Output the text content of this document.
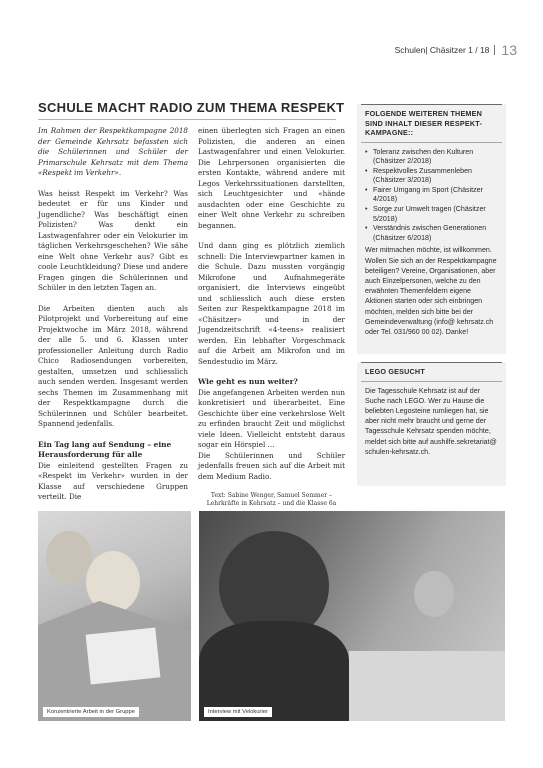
Schulen| Chäsitzer 1 / 18 13
SCHULE MACHT RADIO ZUM THEMA RESPEKT

Im Rahmen der Respektkampagne 2018 der Gemeinde Kehrsatz befassten sich die Schülerinnen und Schüler der Primarschule Kehrsatz mit dem Thema «Respekt im Verkehr».

Was heisst Respekt im Verkehr? Was bedeutet er für uns Kinder und Jugendliche? Was beschäftigt einen Polizisten? Was denkt ein Lastwagenfahrer oder ein Velokurier im täglichen Verkehrsgeschehen? Wie sähe eine Welt ohne Verkehr aus? Gibt es coole Leuchtkleidung? Diese und andere Fragen gingen die Schülerinnen und Schüler in den letzten Tagen an.

Die Arbeiten dienten auch als Pilotprojekt und Vorbereitung auf eine Projektwoche im März 2018, während der alle 5. und 6. Klassen unter professioneller Anleitung durch Radio Chico Radiosendungen vorbereiten, gestalten, umsetzen und schliesslich auch senden werden. Insgesamt werden sechs Themen im Zusammenhang mit der Respektkampagne durch die Schülerinnen und Schüler bearbeitet. Spannend jedenfalls.

Ein Tag lang auf Sendung – eine Herausforderung für alle

Die einleitend gestellten Fragen zu «Respekt im Verkehr» wurden in der Klasse auf verschiedene Gruppen verteilt. Die

einen überlegten sich Fragen an einen Polizisten, die anderen an einen Lastwagenfahrer und einen Velokurier. Die Lehrpersonen organisierten die ersten Kontakte, während andere mit Legos Verkehrssituationen darstellten, sich Leuchtgesichter und «hände ausdachten oder eine Geschichte zu einer Welt ohne Verkehr zu schreiben begannen.

Und dann ging es plötzlich ziemlich schnell: Die Interviewpartner kamen in die Schule. Dazu mussten vorgängig Mikrofone und Aufnahmegeräte organisiert, die Interviews eingeübt und schliesslich auch diese ersten Seiten zur Respektkampagne 2018 im «Chäsitzer» und in der Jugendzeitschrift «4-teens» realisiert werden. Ein lebhafter Vorgeschmack auf die Arbeit am Mikrofon und im Sendestudio im März.

Wie geht es nun weiter?

Die angefangenen Arbeiten werden nun konkretisiert und überarbeitet. Eine Geschichte über eine verkehrslose Welt zu erfinden braucht Zeit und möglichst viele Ideen. Vielleicht entsteht daraus sogar ein Hörspiel ...

Die Schülerinnen und Schüler jedenfalls freuen sich auf die Arbeit mit dem Medium Radio.

Text: Sabine Wenger, Samuel Sommer – Lehrkräfte in Kehrsatz – und die Klasse 6a
FOLGENDE WEITEREN THEMEN SIND INHALT DIESER RESPEKT-KAMPAGNE::
• Toleranz zwischen den Kulturen (Chäsitzer 2/2018)
• Respektvolles Zusammenleben (Chäsitzer 3/2018)
• Fairer Umgang im Sport (Chäsitzer 4/2018)
• Sorge zur Umwelt tragen (Chäsitzer 5/2018)
• Verständnis zwischen Generationen (Chäsitzer 6/2018)
Wer mitmachen möchte, ist willkommen. Wollen Sie sich an der Respektkampagne beteiligen? Vereine, Organisationen, aber auch Einzelpersonen, welche zu den erwähnten Themenfeldern eigene Aktionen starten oder sich einbringen möchten, melden sich bitte bei der Gemeindeverwaltung (info@ kehrsatz.ch oder Tel. 031/960 00 02). Danke!
LEGO GESUCHT
Die Tagesschule Kehrsatz ist auf der Suche nach LEGO. Wer zu Hause die beliebten Legosteine rumliegen hat, sie aber nicht mehr braucht und gerne der Tagesschule Kehrsatz spenden möchte, meldet sich bitte auf aushilfe.sekretariat@ schulen-kehrsatz.ch.
Konzentrierte Arbeit in der Gruppe	Interview mit Velokurier
